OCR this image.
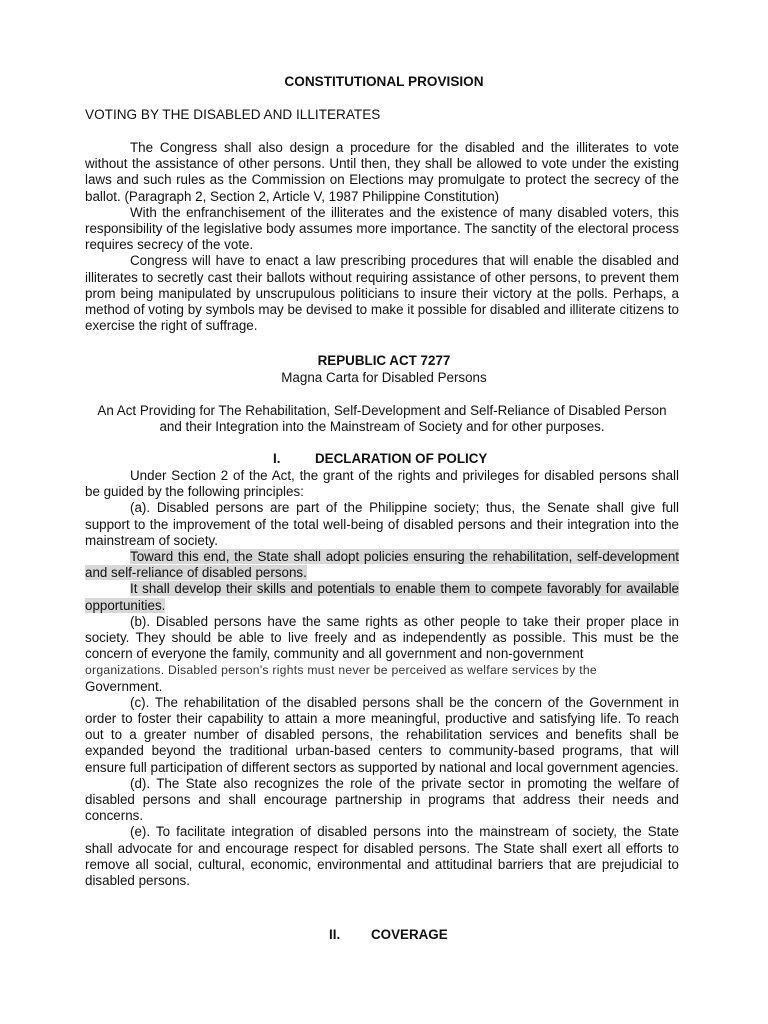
CONSTITUTIONAL PROVISION
VOTING BY THE DISABLED AND ILLITERATES

The Congress shall also design a procedure for the disabled and the illiterates to vote without the assistance of other persons. Until then, they shall be allowed to vote under the existing laws and such rules as the Commission on Elections may promulgate to protect the secrecy of the ballot. (Paragraph 2, Section 2, Article V, 1987 Philippine Constitution)

With the enfranchisement of the illiterates and the existence of many disabled voters, this responsibility of the legislative body assumes more importance. The sanctity of the electoral process requires secrecy of the vote.

Congress will have to enact a law prescribing procedures that will enable the disabled and illiterates to secretly cast their ballots without requiring assistance of other persons, to prevent them prom being manipulated by unscrupulous politicians to insure their victory at the polls. Perhaps, a method of voting by symbols may be devised to make it possible for disabled and illiterate citizens to exercise the right of suffrage.

REPUBLIC ACT 7277
Magna Carta for Disabled Persons
An Act Providing for The Rehabilitation, Self-Development and Self-Reliance of Disabled Person and their Integration into the Mainstream of Society and for other purposes.
I.	DECLARATION OF POLICY

Under Section 2 of the Act, the grant of the rights and privileges for disabled persons shall be guided by the following principles:

(a). Disabled persons are part of the Philippine society; thus, the Senate shall give full support to the improvement of the total well-being of disabled persons and their integration into the mainstream of society.

Toward this end, the State shall adopt policies ensuring the rehabilitation, self-development and self-reliance of disabled persons.

It shall develop their skills and potentials to enable them to compete favorably for available opportunities.

(b). Disabled persons have the same rights as other people to take their proper place in society. They should be able to live freely and as independently as possible. This must be the concern of everyone the family, community and all government and non-government

organizations. Disabled person's rights must never be perceived as welfare services by the

Government.

(c). The rehabilitation of the disabled persons shall be the concern of the Government in order to foster their capability to attain a more meaningful, productive and satisfying life. To reach out to a greater number of disabled persons, the rehabilitation services and benefits shall be expanded beyond the traditional urban-based centers to community-based programs, that will ensure full participation of different sectors as supported by national and local government agencies.

(d). The State also recognizes the role of the private sector in promoting the welfare of disabled persons and shall encourage partnership in programs that address their needs and concerns.

(e). To facilitate integration of disabled persons into the mainstream of society, the State shall advocate for and encourage respect for disabled persons. The State shall exert all efforts to remove all social, cultural, economic, environmental and attitudinal barriers that are prejudicial to disabled persons.

II. COVERAGE
